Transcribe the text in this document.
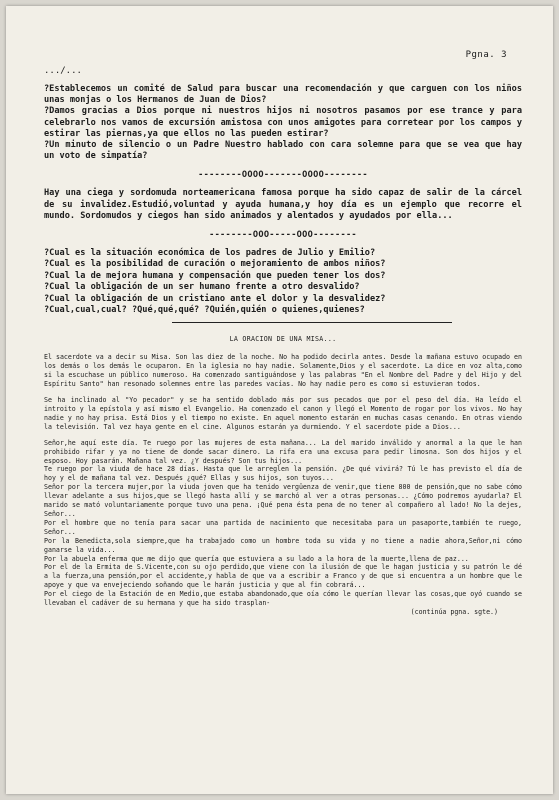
Pgna. 3
.../...

?Establecemos un comité de Salud para buscar una recomendación y que carguen con los niños unas monjas o los Hermanos de Juan de Dios?

?Damos gracias a Dios porque ni nuestros hijos ni nosotros pasamos por ese trance y para celebrarlo nos vamos de excursión amistosa con unos amigotes para corretear por los campos y estirar las piernas,ya que ellos no las pueden estirar?

?Un minuto de silencio o un Padre Nuestro hablado con cara solemne para que se vea que hay un voto de simpatía?

--------OOOO-------OOOO--------

Hay una ciega y sordomuda norteamericana famosa porque ha sido capaz de salir de la cárcel de su invalidez.Estudió,voluntad y ayuda humana,y hoy día es un ejemplo que recorre el mundo. Sordomudos y ciegos han sido animados y alentados y ayudados por ella...

--------OOO-----OOO--------
?Cual es la situación económica de los padres de Julio y Emilio?
?Cual es la posibilidad de curación o mejoramiento de ambos niños?
?Cual la de mejora humana y compensación que pueden tener los dos?
?Cual la obligación de un ser humano frente a otro desvalido?
?Cual la obligación de un cristiano ante el dolor y la desvalidez?
?Cual,cual,cual? ?Qué,qué,qué? ?Quién,quién o quienes,quienes?
LA ORACION DE UNA MISA...

El sacerdote va a decir su Misa. Son las diez de la noche. No ha podido decirla antes. Desde la mañana estuvo ocupado en los demás o los demás le ocuparon. En la iglesia no hay nadie. Solamente,Dios y el sacerdote. La dice en voz alta,como si la escuchase un público numeroso. Ha comenzado santiguándose y las palabras "En el Nombre del Padre y del Hijo y del Espíritu Santo" han resonado solemnes entre las paredes vacías. No hay nadie pero es como si estuvieran todos.

Se ha inclinado al "Yo pecador" y se ha sentido doblado más por sus pecados que por el peso del día. Ha leído el introito y la epístola y así mismo el Evangelio. Ha comenzado el canon y llegó el Momento de rogar por los vivos. No hay nadie y no hay prisa. Está Dios y el tiempo no existe. En aquel momento estarán en muchas casas cenando. En otras viendo la televisión. Tal vez haya gente en el cine. Algunos estarán ya durmiendo. Y el sacerdote pide a Dios...

Señor,he aquí este día. Te ruego por las mujeres de esta mañana... La del marido inválido y anormal a la que le han prohibido rifar y ya no tiene de donde sacar dinero. La rifa era una excusa para pedir limosna. Son dos hijos y el esposo. Hoy pasarán. Mañana tal vez. ¿Y después? Son tus hijos...

Te ruego por la viuda de hace 28 días. Hasta que le arreglen la pensión. ¿De qué vivirá? Tú le has previsto el día de hoy y el de mañana tal vez. Después ¿qué? Ellas y sus hijos, son tuyos...

Señor por la tercera mujer,por la viuda joven que ha tenido vergüenza de venir,que tiene 800 de pensión,que no sabe cómo llevar adelante a sus hijos,que se llegó hasta allí y se marchó al ver a otras personas... ¿Cómo podremos ayudarla? El marido se mató voluntariamente porque tuvo una pena. ¡Qué pena ésta pena de no tener al compañero al lado! No la dejes, Señor...

Por el hombre que no tenía para sacar una partida de nacimiento que necesitaba para un pasaporte,también te ruego, Señor...

Por la Benedicta,sola siempre,que ha trabajado como un hombre toda su vida y no tiene a nadie ahora,Señor,ni cómo ganarse la vida...

Por la abuela enferma que me dijo que quería que estuviera a su lado a la hora de la muerte,llena de paz...

Por el de la Ermita de S.Vicente,con su ojo perdido,que viene con la ilusión de que le hagan justicia y su patrón le dé a la fuerza,una pensión,por el accidente,y habla de que va a escribir a Franco y de que si encuentra a un hombre que le apoye y que va envejeciendo soñando que le harán justicia y que al fin cobrará...

Por el ciego de la Estación de en Medio,que estaba abandonado,que oía cómo le querían llevar las cosas,que oyó cuando se llevaban el cadáver de su hermana y que ha sido trasplan-

(continúa pgna. sgte.)
